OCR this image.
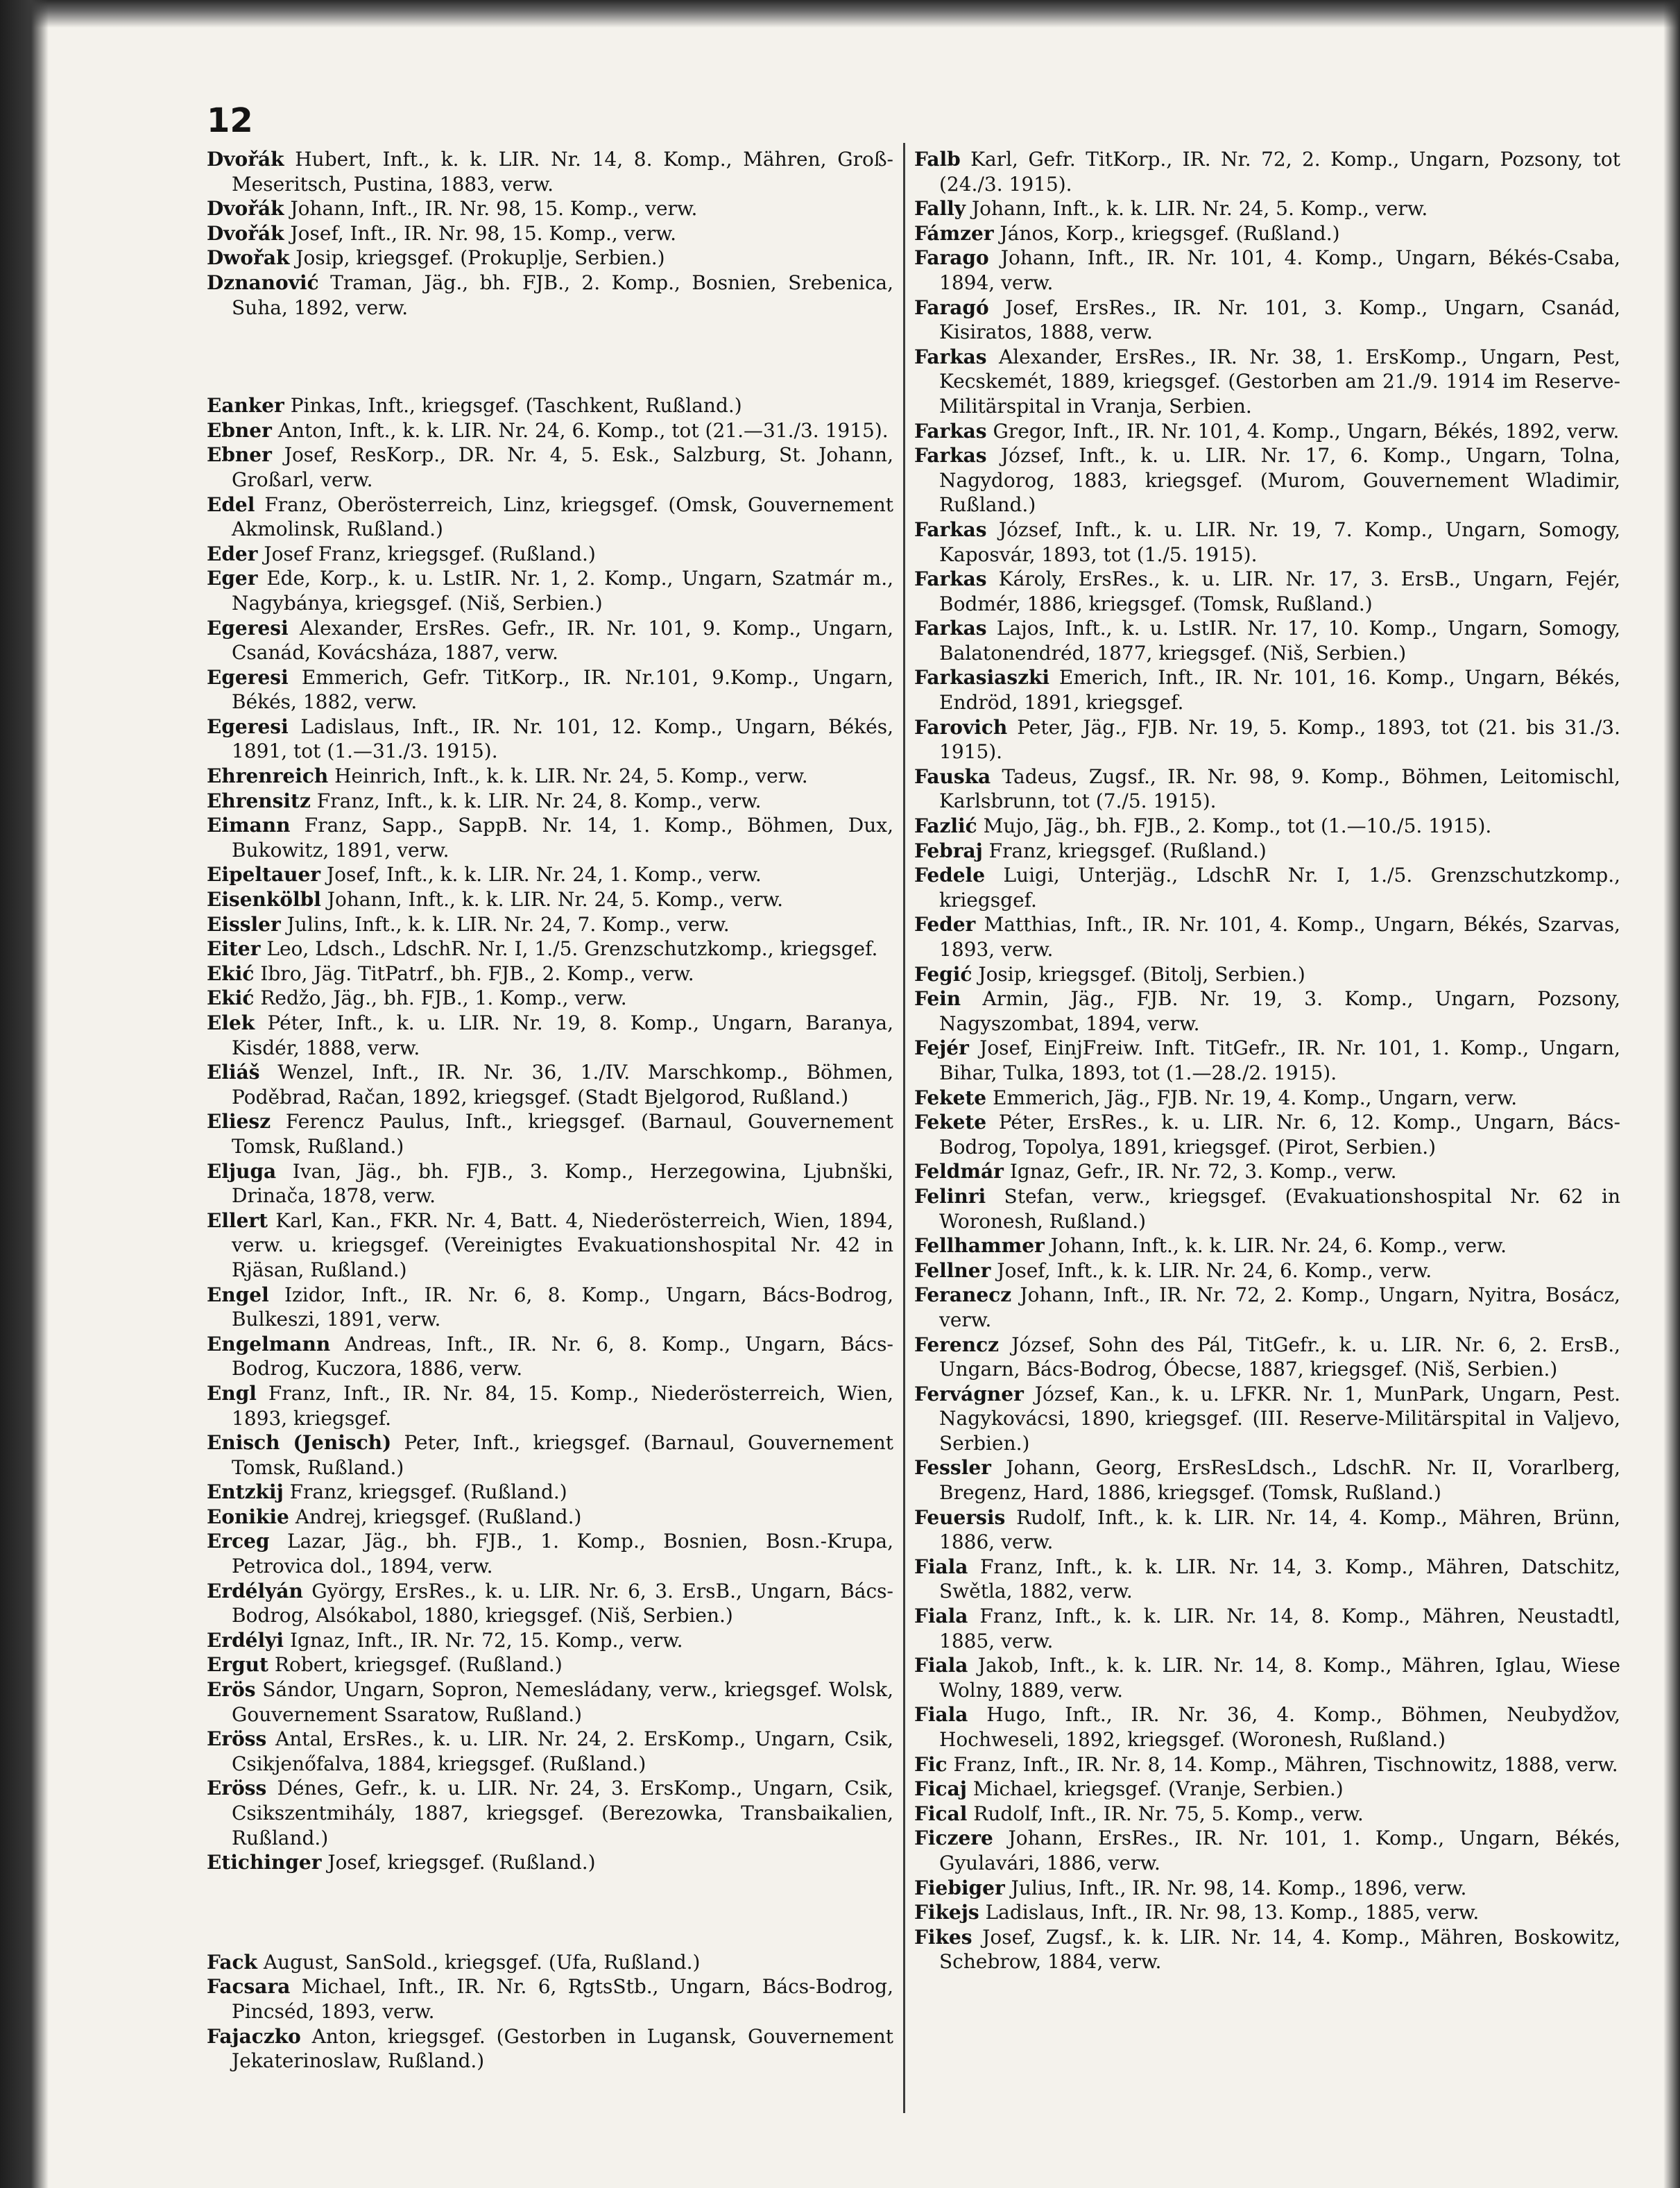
12

Dvořák Hubert, Inft., k. k. LIR. Nr. 14, 8. Komp., Mähren, Groß-Meseritsch, Pustina, 1883, verw.

Dvořák Johann, Inft., IR. Nr. 98, 15. Komp., verw.

Dvořák Josef, Inft., IR. Nr. 98, 15. Komp., verw.

Dwořak Josip, kriegsgef. (Prokuplje, Serbien.)

Dznanović Traman, Jäg., bh. FJB., 2. Komp., Bosnien, Srebenica, Suha, 1892, verw.

Eanker Pinkas, Inft., kriegsgef. (Taschkent, Rußland.)

Ebner Anton, Inft., k. k. LIR. Nr. 24, 6. Komp., tot (21.—31./3. 1915).

Ebner Josef, ResKorp., DR. Nr. 4, 5. Esk., Salzburg, St. Johann, Großarl, verw.

Edel Franz, Oberösterreich, Linz, kriegsgef. (Omsk, Gouvernement Akmolinsk, Rußland.)

Eder Josef Franz, kriegsgef. (Rußland.)

Eger Ede, Korp., k. u. LstIR. Nr. 1, 2. Komp., Ungarn, Szatmár m., Nagybánya, kriegsgef. (Niš, Serbien.)

Egeresi Alexander, ErsRes. Gefr., IR. Nr. 101, 9. Komp., Ungarn, Csanád, Kovácsháza, 1887, verw.

Egeresi Emmerich, Gefr. TitKorp., IR. Nr.101, 9.Komp., Ungarn, Békés, 1882, verw.

Egeresi Ladislaus, Inft., IR. Nr. 101, 12. Komp., Ungarn, Békés, 1891, tot (1.—31./3. 1915).

Ehrenreich Heinrich, Inft., k. k. LIR. Nr. 24, 5. Komp., verw.

Ehrensitz Franz, Inft., k. k. LIR. Nr. 24, 8. Komp., verw.

Eimann Franz, Sapp., SappB. Nr. 14, 1. Komp., Böhmen, Dux, Bukowitz, 1891, verw.

Eipeltauer Josef, Inft., k. k. LIR. Nr. 24, 1. Komp., verw.

Eisenkölbl Johann, Inft., k. k. LIR. Nr. 24, 5. Komp., verw.

Eissler Julins, Inft., k. k. LIR. Nr. 24, 7. Komp., verw.

Eiter Leo, Ldsch., LdschR. Nr. I, 1./5. Grenzschutzkomp., kriegsgef.

Ekić Ibro, Jäg. TitPatrf., bh. FJB., 2. Komp., verw.

Ekić Redžo, Jäg., bh. FJB., 1. Komp., verw.

Elek Péter, Inft., k. u. LIR. Nr. 19, 8. Komp., Ungarn, Baranya, Kisdér, 1888, verw.

Eliáš Wenzel, Inft., IR. Nr. 36, 1./IV. Marschkomp., Böhmen, Poděbrad, Račan, 1892, kriegsgef. (Stadt Bjelgorod, Rußland.)

Eliesz Ferencz Paulus, Inft., kriegsgef. (Barnaul, Gouvernement Tomsk, Rußland.)

Eljuga Ivan, Jäg., bh. FJB., 3. Komp., Herzegowina, Ljubnški, Drinača, 1878, verw.

Ellert Karl, Kan., FKR. Nr. 4, Batt. 4, Niederösterreich, Wien, 1894, verw. u. kriegsgef. (Vereinigtes Evakuationshospital Nr. 42 in Rjäsan, Rußland.)

Engel Izidor, Inft., IR. Nr. 6, 8. Komp., Ungarn, Bács-Bodrog, Bulkeszi, 1891, verw.

Engelmann Andreas, Inft., IR. Nr. 6, 8. Komp., Ungarn, Bács-Bodrog, Kuczora, 1886, verw.

Engl Franz, Inft., IR. Nr. 84, 15. Komp., Niederösterreich, Wien, 1893, kriegsgef.

Enisch (Jenisch) Peter, Inft., kriegsgef. (Barnaul, Gouvernement Tomsk, Rußland.)

Entzkij Franz, kriegsgef. (Rußland.)

Eonikie Andrej, kriegsgef. (Rußland.)

Erceg Lazar, Jäg., bh. FJB., 1. Komp., Bosnien, Bosn.-Krupa, Petrovica dol., 1894, verw.

Erdélyán György, ErsRes., k. u. LIR. Nr. 6, 3. ErsB., Ungarn, Bács-Bodrog, Alsókabol, 1880, kriegsgef. (Niš, Serbien.)

Erdélyi Ignaz, Inft., IR. Nr. 72, 15. Komp., verw.

Ergut Robert, kriegsgef. (Rußland.)

Erös Sándor, Ungarn, Sopron, Nemesládany, verw., kriegsgef. Wolsk, Gouvernement Ssaratow, Rußland.)

Eröss Antal, ErsRes., k. u. LIR. Nr. 24, 2. ErsKomp., Ungarn, Csik, Csikjenőfalva, 1884, kriegsgef. (Rußland.)

Eröss Dénes, Gefr., k. u. LIR. Nr. 24, 3. ErsKomp., Ungarn, Csik, Csikszentmihály, 1887, kriegsgef. (Berezowka, Transbaikalien, Rußland.)

Etichinger Josef, kriegsgef. (Rußland.)

Fack August, SanSold., kriegsgef. (Ufa, Rußland.)

Facsara Michael, Inft., IR. Nr. 6, RgtsStb., Ungarn, Bács-Bodrog, Pincséd, 1893, verw.

Fajaczko Anton, kriegsgef. (Gestorben in Lugansk, Gouvernement Jekaterinoslaw, Rußland.)

Falb Karl, Gefr. TitKorp., IR. Nr. 72, 2. Komp., Ungarn, Pozsony, tot (24./3. 1915).

Fally Johann, Inft., k. k. LIR. Nr. 24, 5. Komp., verw.

Fámzer János, Korp., kriegsgef. (Rußland.)

Farago Johann, Inft., IR. Nr. 101, 4. Komp., Ungarn, Békés-Csaba, 1894, verw.

Faragó Josef, ErsRes., IR. Nr. 101, 3. Komp., Ungarn, Csanád, Kisiratos, 1888, verw.

Farkas Alexander, ErsRes., IR. Nr. 38, 1. ErsKomp., Ungarn, Pest, Kecskemét, 1889, kriegsgef. (Gestorben am 21./9. 1914 im Reserve-Militärspital in Vranja, Serbien.

Farkas Gregor, Inft., IR. Nr. 101, 4. Komp., Ungarn, Békés, 1892, verw.

Farkas József, Inft., k. u. LIR. Nr. 17, 6. Komp., Ungarn, Tolna, Nagydorog, 1883, kriegsgef. (Murom, Gouvernement Wladimir, Rußland.)

Farkas József, Inft., k. u. LIR. Nr. 19, 7. Komp., Ungarn, Somogy, Kaposvár, 1893, tot (1./5. 1915).

Farkas Károly, ErsRes., k. u. LIR. Nr. 17, 3. ErsB., Ungarn, Fejér, Bodmér, 1886, kriegsgef. (Tomsk, Rußland.)

Farkas Lajos, Inft., k. u. LstIR. Nr. 17, 10. Komp., Ungarn, Somogy, Balatonendréd, 1877, kriegsgef. (Niš, Serbien.)

Farkasiaszki Emerich, Inft., IR. Nr. 101, 16. Komp., Ungarn, Békés, Endröd, 1891, kriegsgef.

Farovich Peter, Jäg., FJB. Nr. 19, 5. Komp., 1893, tot (21. bis 31./3. 1915).

Fauska Tadeus, Zugsf., IR. Nr. 98, 9. Komp., Böhmen, Leitomischl, Karlsbrunn, tot (7./5. 1915).

Fazlić Mujo, Jäg., bh. FJB., 2. Komp., tot (1.—10./5. 1915).

Febraj Franz, kriegsgef. (Rußland.)

Fedele Luigi, Unterjäg., LdschR Nr. I, 1./5. Grenzschutzkomp., kriegsgef.

Feder Matthias, Inft., IR. Nr. 101, 4. Komp., Ungarn, Békés, Szarvas, 1893, verw.

Fegić Josip, kriegsgef. (Bitolj, Serbien.)

Fein Armin, Jäg., FJB. Nr. 19, 3. Komp., Ungarn, Pozsony, Nagyszombat, 1894, verw.

Fejér Josef, EinjFreiw. Inft. TitGefr., IR. Nr. 101, 1. Komp., Ungarn, Bihar, Tulka, 1893, tot (1.—28./2. 1915).

Fekete Emmerich, Jäg., FJB. Nr. 19, 4. Komp., Ungarn, verw.

Fekete Péter, ErsRes., k. u. LIR. Nr. 6, 12. Komp., Ungarn, Bács-Bodrog, Topolya, 1891, kriegsgef. (Pirot, Serbien.)

Feldmár Ignaz, Gefr., IR. Nr. 72, 3. Komp., verw.

Felinri Stefan, verw., kriegsgef. (Evakuationshospital Nr. 62 in Woronesh, Rußland.)

Fellhammer Johann, Inft., k. k. LIR. Nr. 24, 6. Komp., verw.

Fellner Josef, Inft., k. k. LIR. Nr. 24, 6. Komp., verw.

Feranecz Johann, Inft., IR. Nr. 72, 2. Komp., Ungarn, Nyitra, Bosácz, verw.

Ferencz József, Sohn des Pál, TitGefr., k. u. LIR. Nr. 6, 2. ErsB., Ungarn, Bács-Bodrog, Óbecse, 1887, kriegsgef. (Niš, Serbien.)

Fervágner József, Kan., k. u. LFKR. Nr. 1, MunPark, Ungarn, Pest. Nagykovácsi, 1890, kriegsgef. (III. Reserve-Militärspital in Valjevo, Serbien.)

Fessler Johann, Georg, ErsResLdsch., LdschR. Nr. II, Vorarlberg, Bregenz, Hard, 1886, kriegsgef. (Tomsk, Rußland.)

Feuersis Rudolf, Inft., k. k. LIR. Nr. 14, 4. Komp., Mähren, Brünn, 1886, verw.

Fiala Franz, Inft., k. k. LIR. Nr. 14, 3. Komp., Mähren, Datschitz, Swětla, 1882, verw.

Fiala Franz, Inft., k. k. LIR. Nr. 14, 8. Komp., Mähren, Neustadtl, 1885, verw.

Fiala Jakob, Inft., k. k. LIR. Nr. 14, 8. Komp., Mähren, Iglau, Wiese Wolny, 1889, verw.

Fiala Hugo, Inft., IR. Nr. 36, 4. Komp., Böhmen, Neubydžov, Hochweseli, 1892, kriegsgef. (Woronesh, Rußland.)

Fic Franz, Inft., IR. Nr. 8, 14. Komp., Mähren, Tischnowitz, 1888, verw.

Ficaj Michael, kriegsgef. (Vranje, Serbien.)

Fical Rudolf, Inft., IR. Nr. 75, 5. Komp., verw.

Ficzere Johann, ErsRes., IR. Nr. 101, 1. Komp., Ungarn, Békés, Gyulavári, 1886, verw.

Fiebiger Julius, Inft., IR. Nr. 98, 14. Komp., 1896, verw.

Fikejs Ladislaus, Inft., IR. Nr. 98, 13. Komp., 1885, verw.

Fikes Josef, Zugsf., k. k. LIR. Nr. 14, 4. Komp., Mähren, Boskowitz, Schebrow, 1884, verw.
